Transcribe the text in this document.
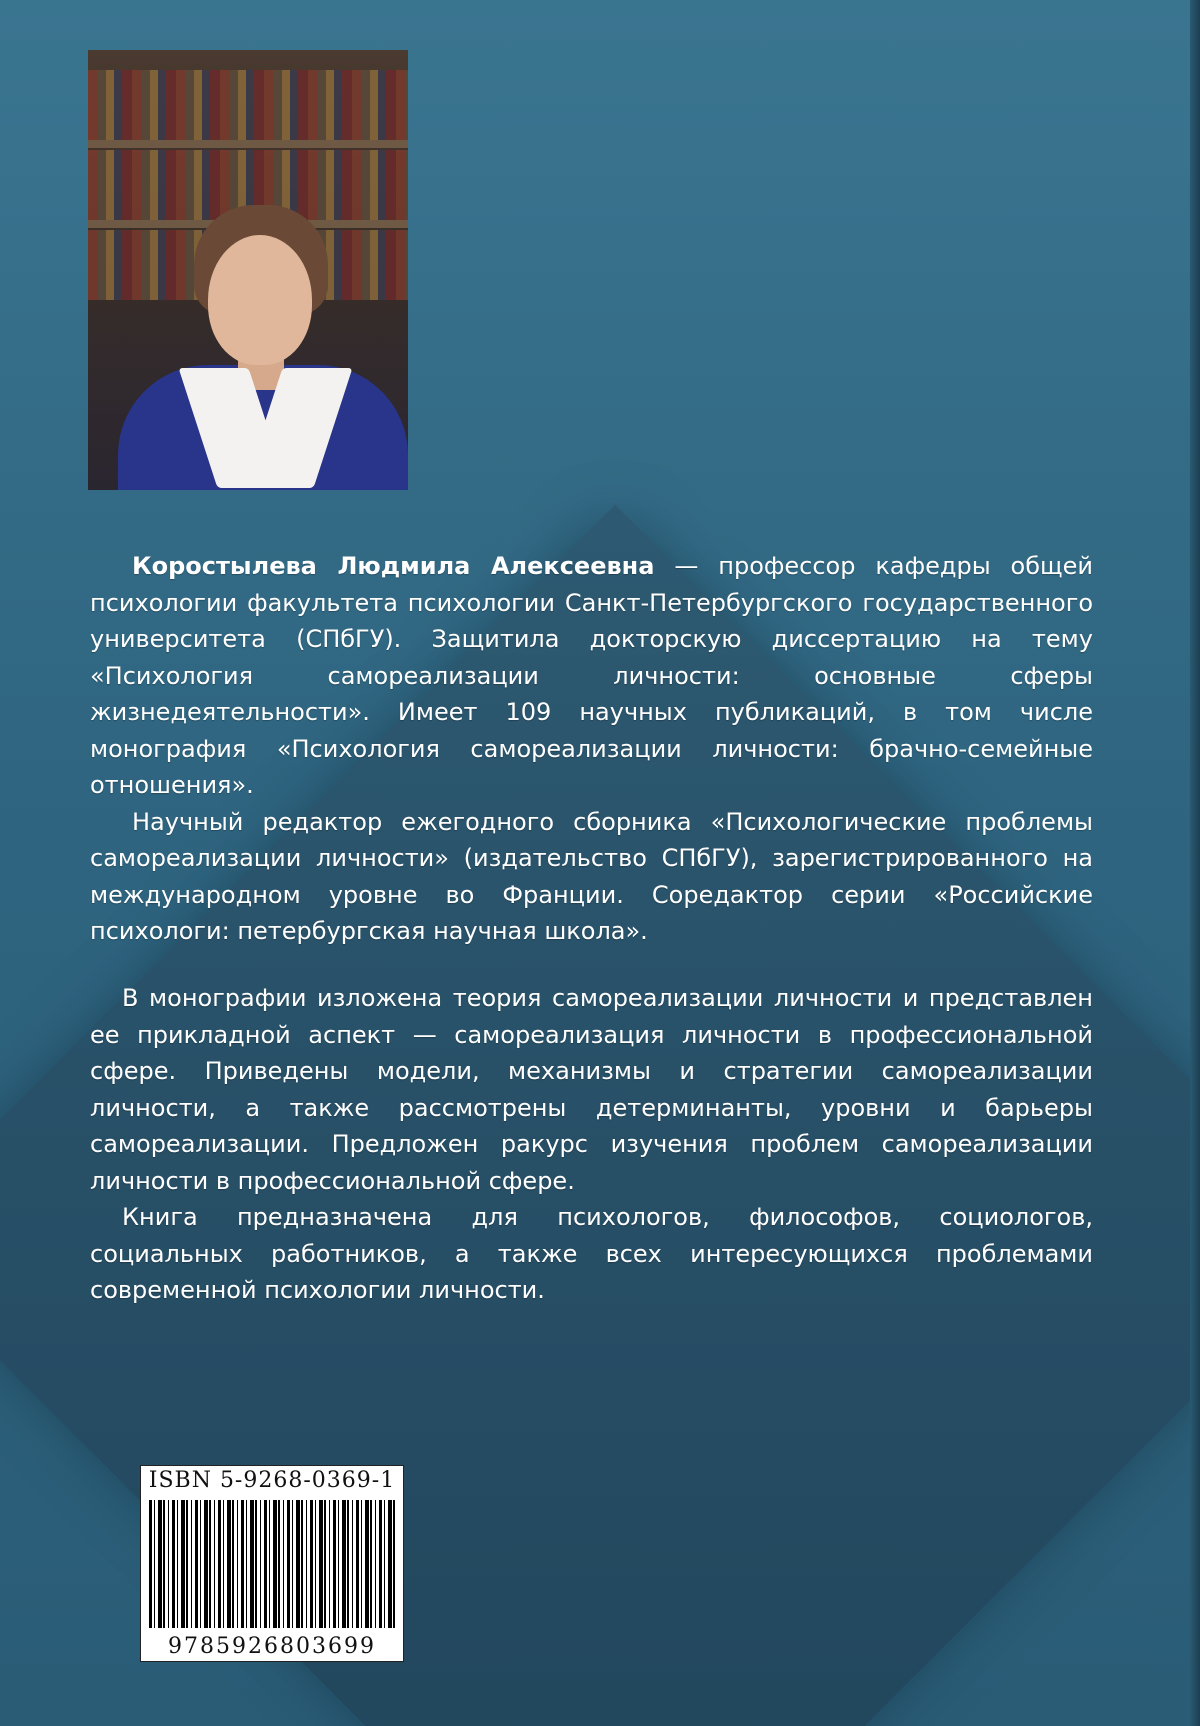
Коростылева Людмила Алексеевна — профессор кафедры общей психологии факультета психологии Санкт-Петербургского государственного университета (СПбГУ). Защитила докторскую диссертацию на тему «Психология самореализации личности: основные сферы жизнедеятельности». Имеет 109 научных публикаций, в том числе монография «Психология самореализации личности: брачно-семейные отношения».

Научный редактор ежегодного сборника «Психологические проблемы самореализации личности» (издательство СПбГУ), зарегистрированного на международном уровне во Франции. Соредактор серии «Российские психологи: петербургская научная школа».

В монографии изложена теория самореализации личности и представлен ее прикладной аспект — самореализация личности в профессиональной сфере. Приведены модели, механизмы и стратегии самореализации личности, а также рассмотрены детерминанты, уровни и барьеры самореализации. Предложен ракурс изучения проблем самореализации личности в профессиональной сфере.

Книга предназначена для психологов, философов, социологов, социальных работников, а также всех интересующихся проблемами современной психологии личности.

ISBN 5-9268-0369-1
9785926803699
